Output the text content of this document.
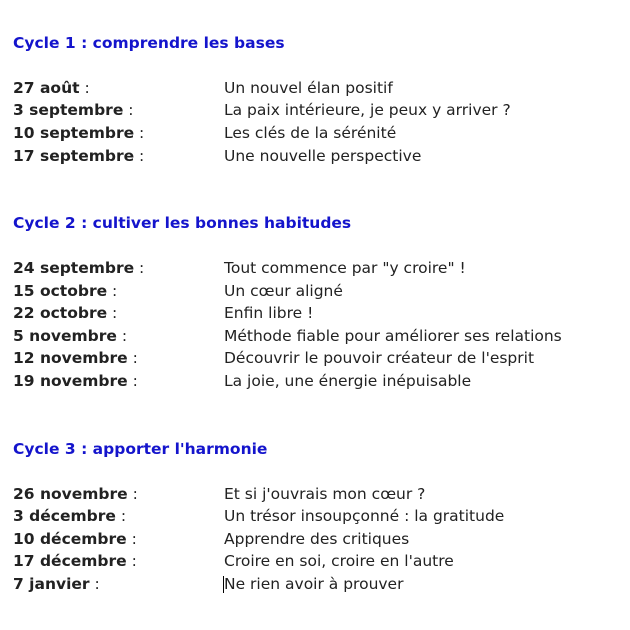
Cycle 1 : comprendre les bases
27 août :	Un nouvel élan positif
3 septembre :	La paix intérieure, je peux y arriver ?
10 septembre :	Les clés de la sérénité
17 septembre :	Une nouvelle perspective
Cycle 2 : cultiver les bonnes habitudes
24 septembre :	Tout commence par "y croire" !
15 octobre :	Un cœur aligné
22 octobre :	Enfin libre !
5 novembre :	Méthode fiable pour améliorer ses relations
12 novembre :	Découvrir le pouvoir créateur de l'esprit
19 novembre :	La joie, une énergie inépuisable
Cycle 3 : apporter l'harmonie
26 novembre :	Et si j'ouvrais mon cœur ?
3 décembre :	Un trésor insoupçonné : la gratitude
10 décembre :	Apprendre des critiques
17 décembre :	Croire en soi, croire en l'autre
7 janvier :	Ne rien avoir à prouver
